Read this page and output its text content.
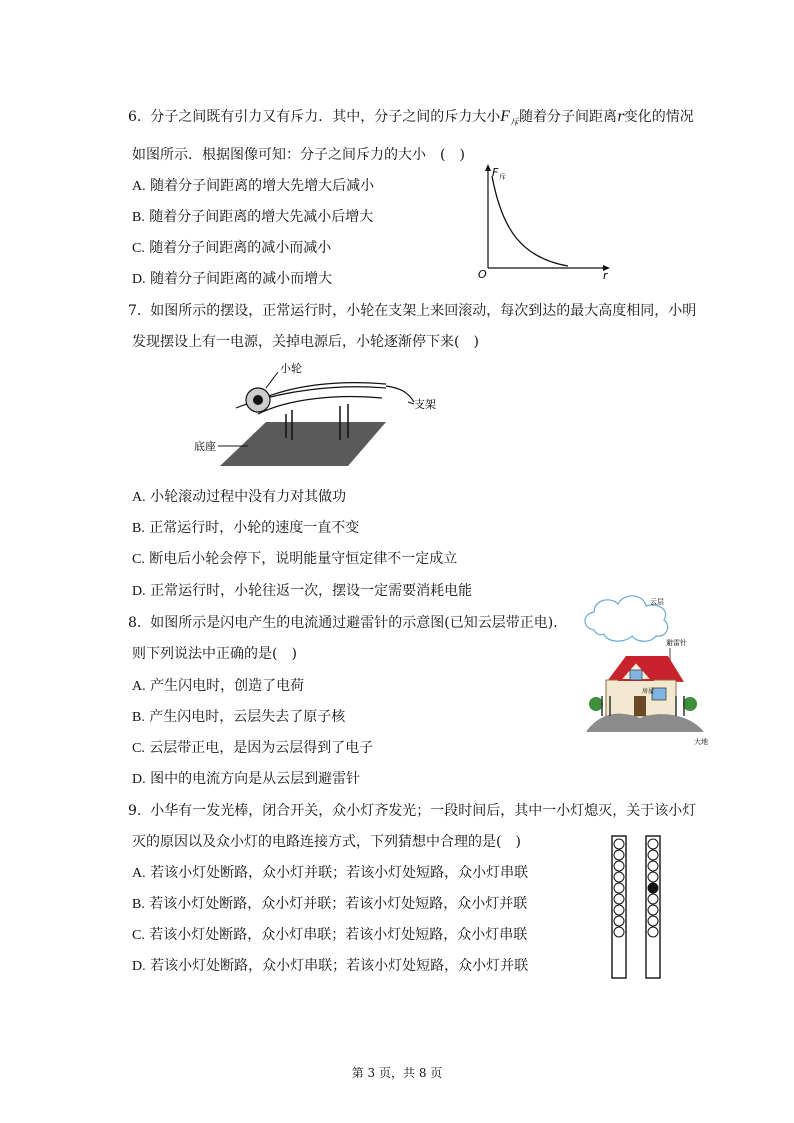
6. 分子之间既有引力又有斥力．其中，分子之间的斥力大小$F_斥$随着分子间距离r变化的情况
如图所示．根据图像可知：分子之间斥力的大小　(　)
A. 随着分子间距离的增大先增大后减小
B. 随着分子间距离的增大先减小后增大
C. 随着分子间距离的减小而减小
D. 随着分子间距离的减小而增大
F 斥
O	r
7. 如图所示的摆设，正常运行时，小轮在支架上来回滚动，每次到达的最大高度相同，小明
发现摆设上有一电源，关掉电源后，小轮逐渐停下来(　)
小轮
支架
底座
A. 小轮滚动过程中没有力对其做功
B. 正常运行时，小轮的速度一直不变
C. 断电后小轮会停下，说明能量守恒定律不一定成立
D. 正常运行时，小轮往返一次，摆设一定需要消耗电能
8. 如图所示是闪电产生的电流通过避雷针的示意图(已知云层带正电).
则下列说法中正确的是(　)
A. 产生闪电时，创造了电荷
B. 产生闪电时，云层失去了原子核
C. 云层带正电，是因为云层得到了电子
D. 图中的电流方向是从云层到避雷针
云层
避雷针
房屋
大地
9. 小华有一发光棒，闭合开关，众小灯齐发光；一段时间后，其中一小灯熄灭，关于该小灯
灭的原因以及众小灯的电路连接方式，下列猜想中合理的是(　)
A. 若该小灯处断路，众小灯并联；若该小灯处短路，众小灯串联
B. 若该小灯处断路，众小灯并联；若该小灯处短路，众小灯并联
C. 若该小灯处断路，众小灯串联；若该小灯处短路，众小灯串联
D. 若该小灯处断路，众小灯串联；若该小灯处短路，众小灯并联
第 3 页，共 8 页
